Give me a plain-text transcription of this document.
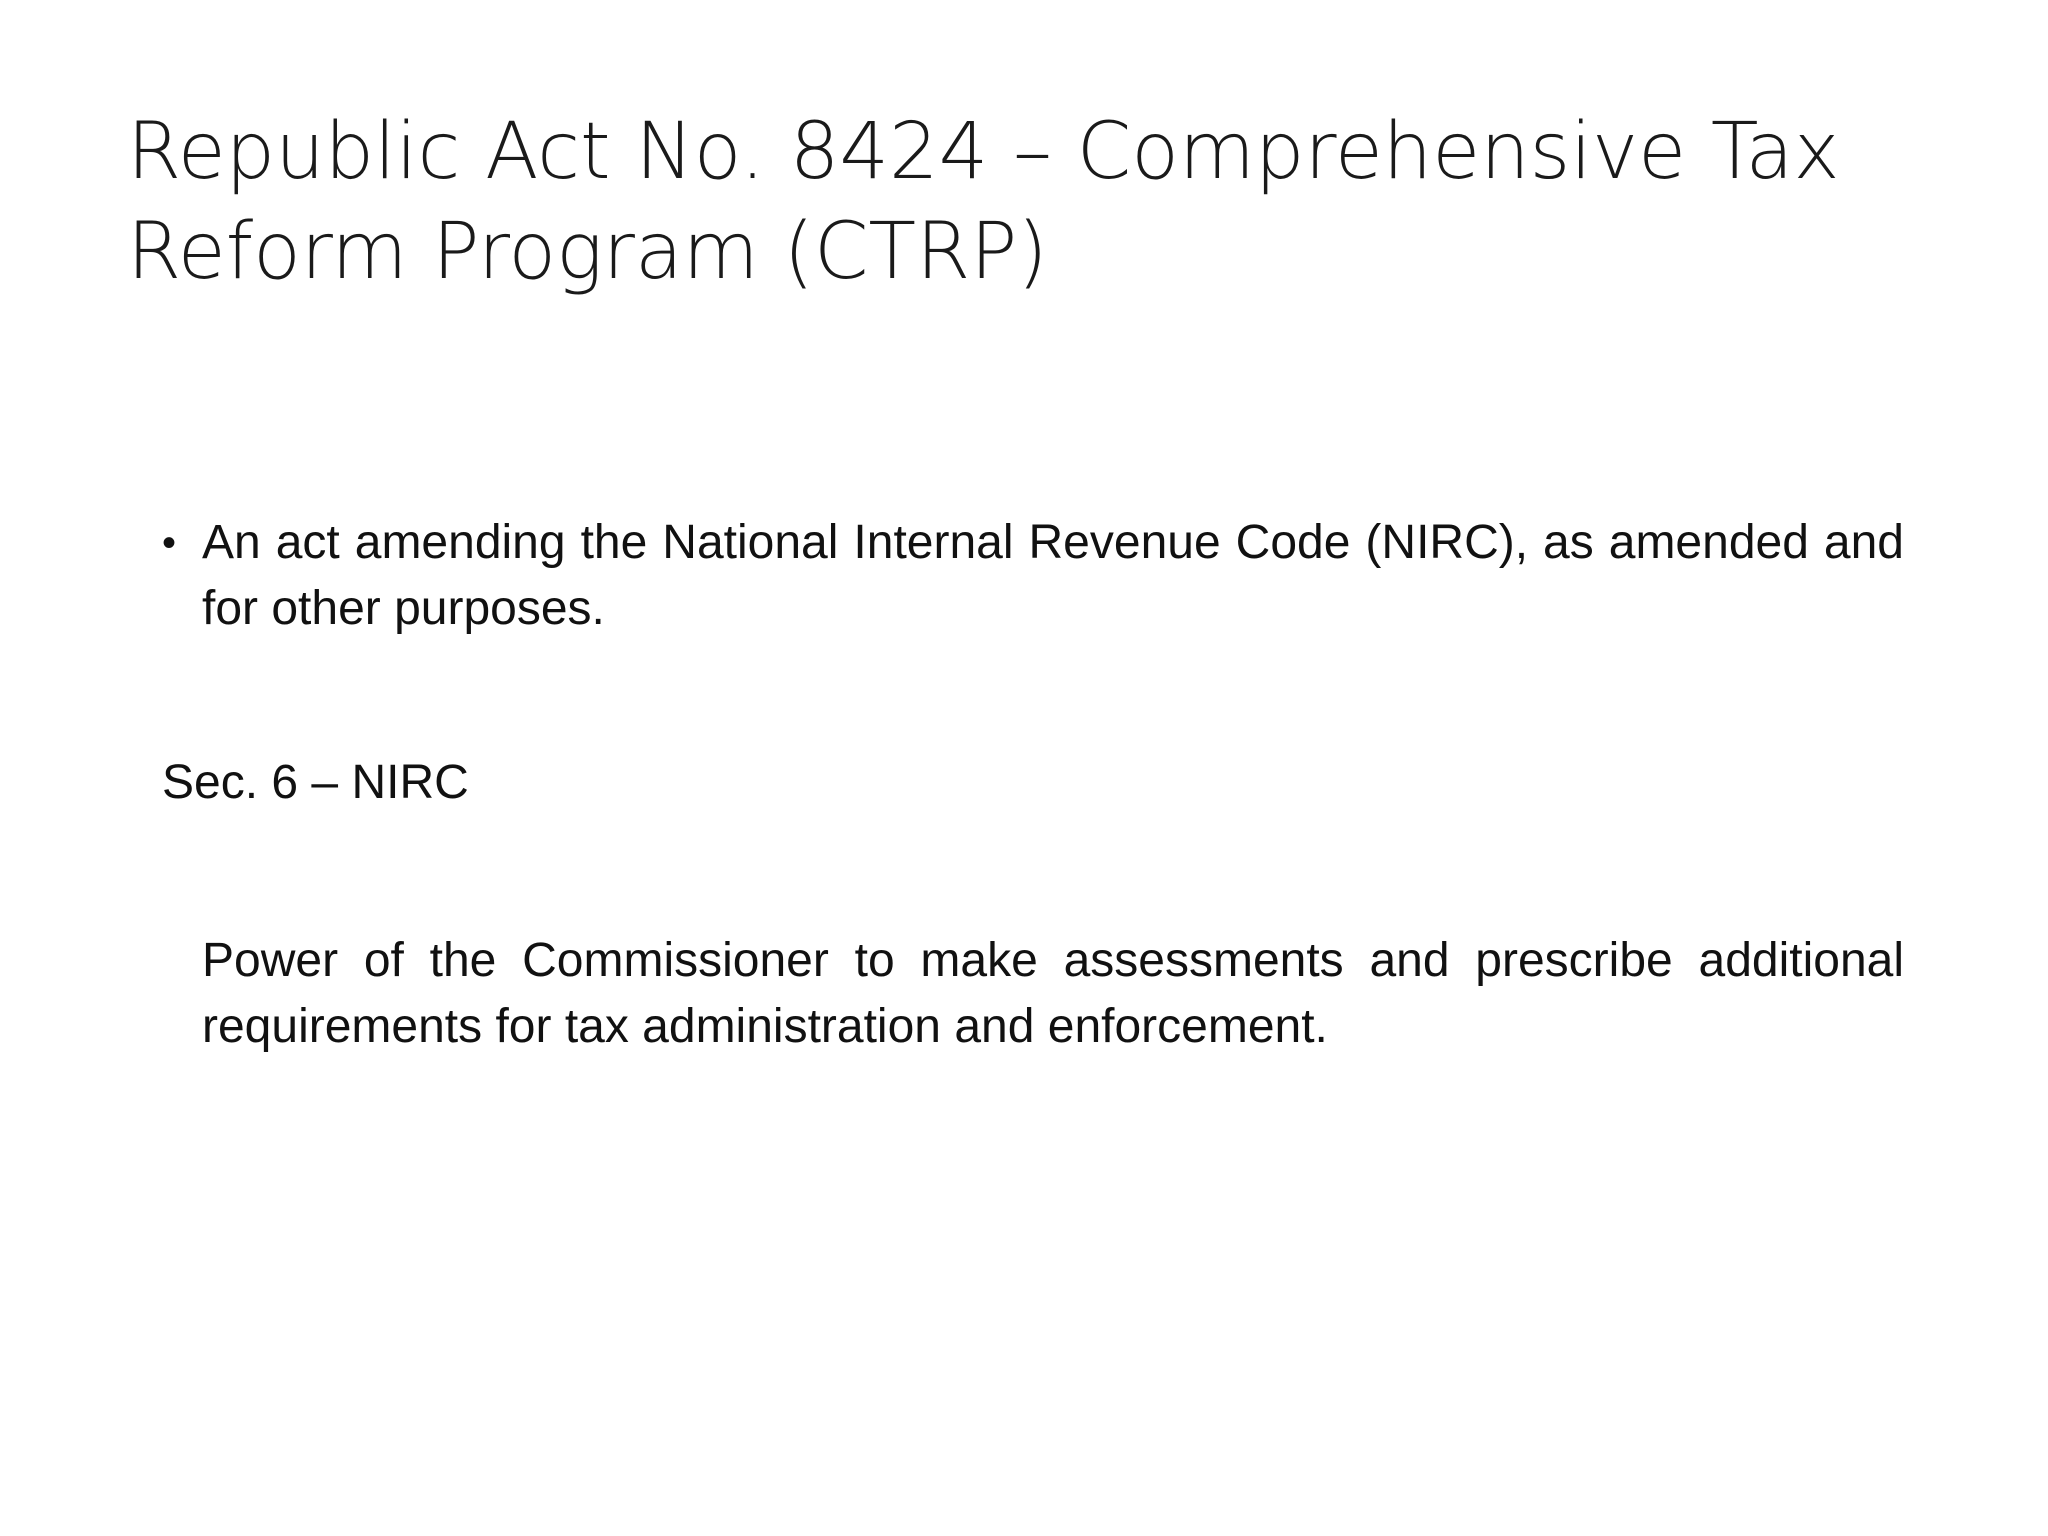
Republic Act No. 8424 – Comprehensive Tax Reform Program (CTRP)
• An act amending the National Internal Revenue Code (NIRC), as amended and for other purposes.

Sec. 6 – NIRC

Power of the Commissioner to make assessments and prescribe additional requirements for tax administration and enforcement.
